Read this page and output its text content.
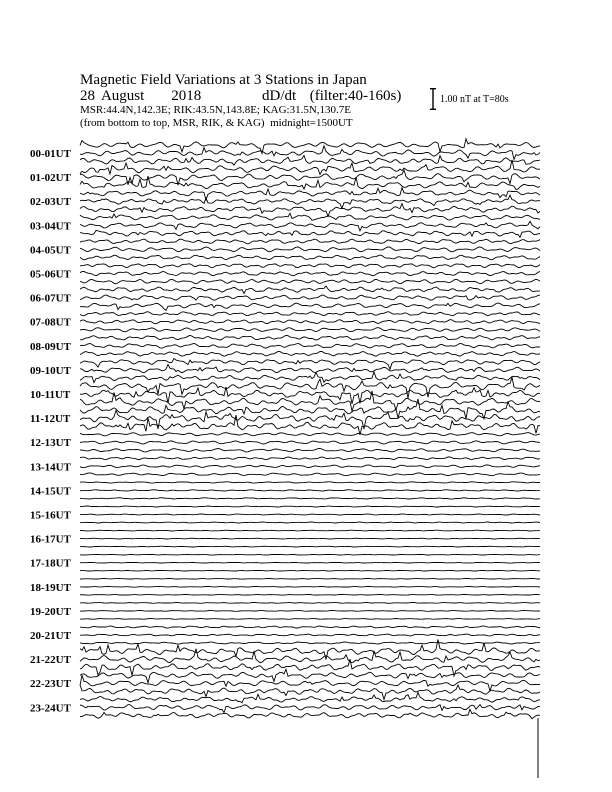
Magnetic Field Variations at 3 Stations in Japan
28 August 2018	dD/dt (filter:40-160s)
MSR:44.4N,142.3E; RIK:43.5N,143.8E; KAG:31.5N,130.7E
(from bottom to top, MSR, RIK, & KAG) midnight=1500UT
1.00 nT at T=80s
00-01UT
01-02UT
02-03UT
03-04UT
04-05UT
05-06UT
06-07UT
07-08UT
08-09UT
09-10UT
10-11UT
11-12UT
12-13UT
13-14UT
14-15UT
15-16UT
16-17UT
17-18UT
18-19UT
19-20UT
20-21UT
21-22UT
22-23UT
23-24UT
